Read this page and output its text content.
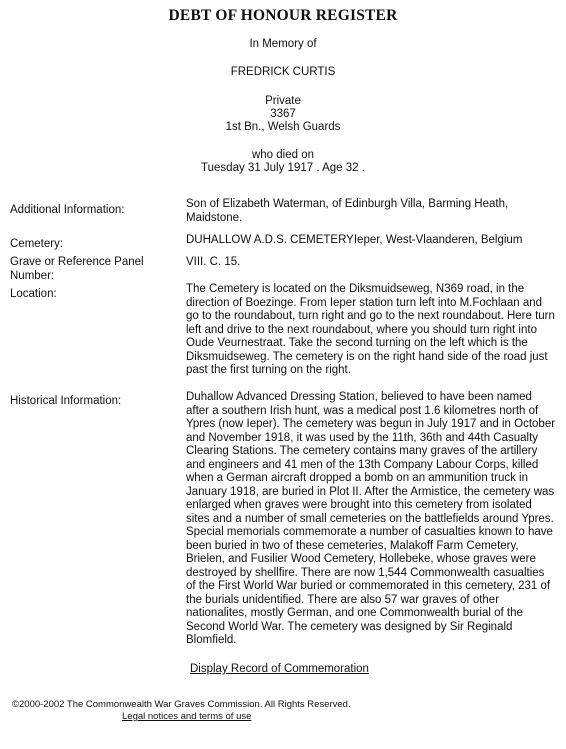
DEBT OF HONOUR REGISTER
In Memory of
FREDRICK CURTIS
Private
3367
1st Bn., Welsh Guards
who died on
Tuesday 31 July 1917 . Age 32 .
Additional Information:	Son of Elizabeth Waterman, of Edinburgh Villa, Barming Heath, Maidstone.
Cemetery:	DUHALLOW A.D.S. CEMETERYIeper, West-Vlaanderen, Belgium
Grave or Reference Panel Number:
VIII. C. 15.
Location:	The Cemetery is located on the Diksmuidseweg, N369 road, in the direction of Boezinge. From Ieper station turn left into M.Fochlaan and go to the roundabout, turn right and go to the next roundabout. Here turn left and drive to the next roundabout, where you should turn right into Oude Veurnestraat. Take the second turning on the left which is the Diksmuidseweg. The cemetery is on the right hand side of the road just past the first turning on the right.
Historical Information:	Duhallow Advanced Dressing Station, believed to have been named after a southern Irish hunt, was a medical post 1.6 kilometres north of Ypres (now Ieper). The cemetery was begun in July 1917 and in October and November 1918, it was used by the 11th, 36th and 44th Casualty Clearing Stations. The cemetery contains many graves of the artillery and engineers and 41 men of the 13th Company Labour Corps, killed when a German aircraft dropped a bomb on an ammunition truck in January 1918, are buried in Plot II. After the Armistice, the cemetery was enlarged when graves were brought into this cemetery from isolated sites and a number of small cemeteries on the battlefields around Ypres. Special memorials commemorate a number of casualties known to have been buried in two of these cemeteries, Malakoff Farm Cemetery, Brielen, and Fusilier Wood Cemetery, Hollebeke, whose graves were destroyed by shellfire. There are now 1,544 Commonwealth casualties of the First World War buried or commemorated in this cemetery, 231 of the burials unidentified. There are also 57 war graves of other nationalites, mostly German, and one Commonwealth burial of the Second World War. The cemetery was designed by Sir Reginald Blomfield.
Display Record of Commemoration
©2000-2002 The Commonwealth War Graves Commission. All Rights Reserved.
Legal notices and terms of use
